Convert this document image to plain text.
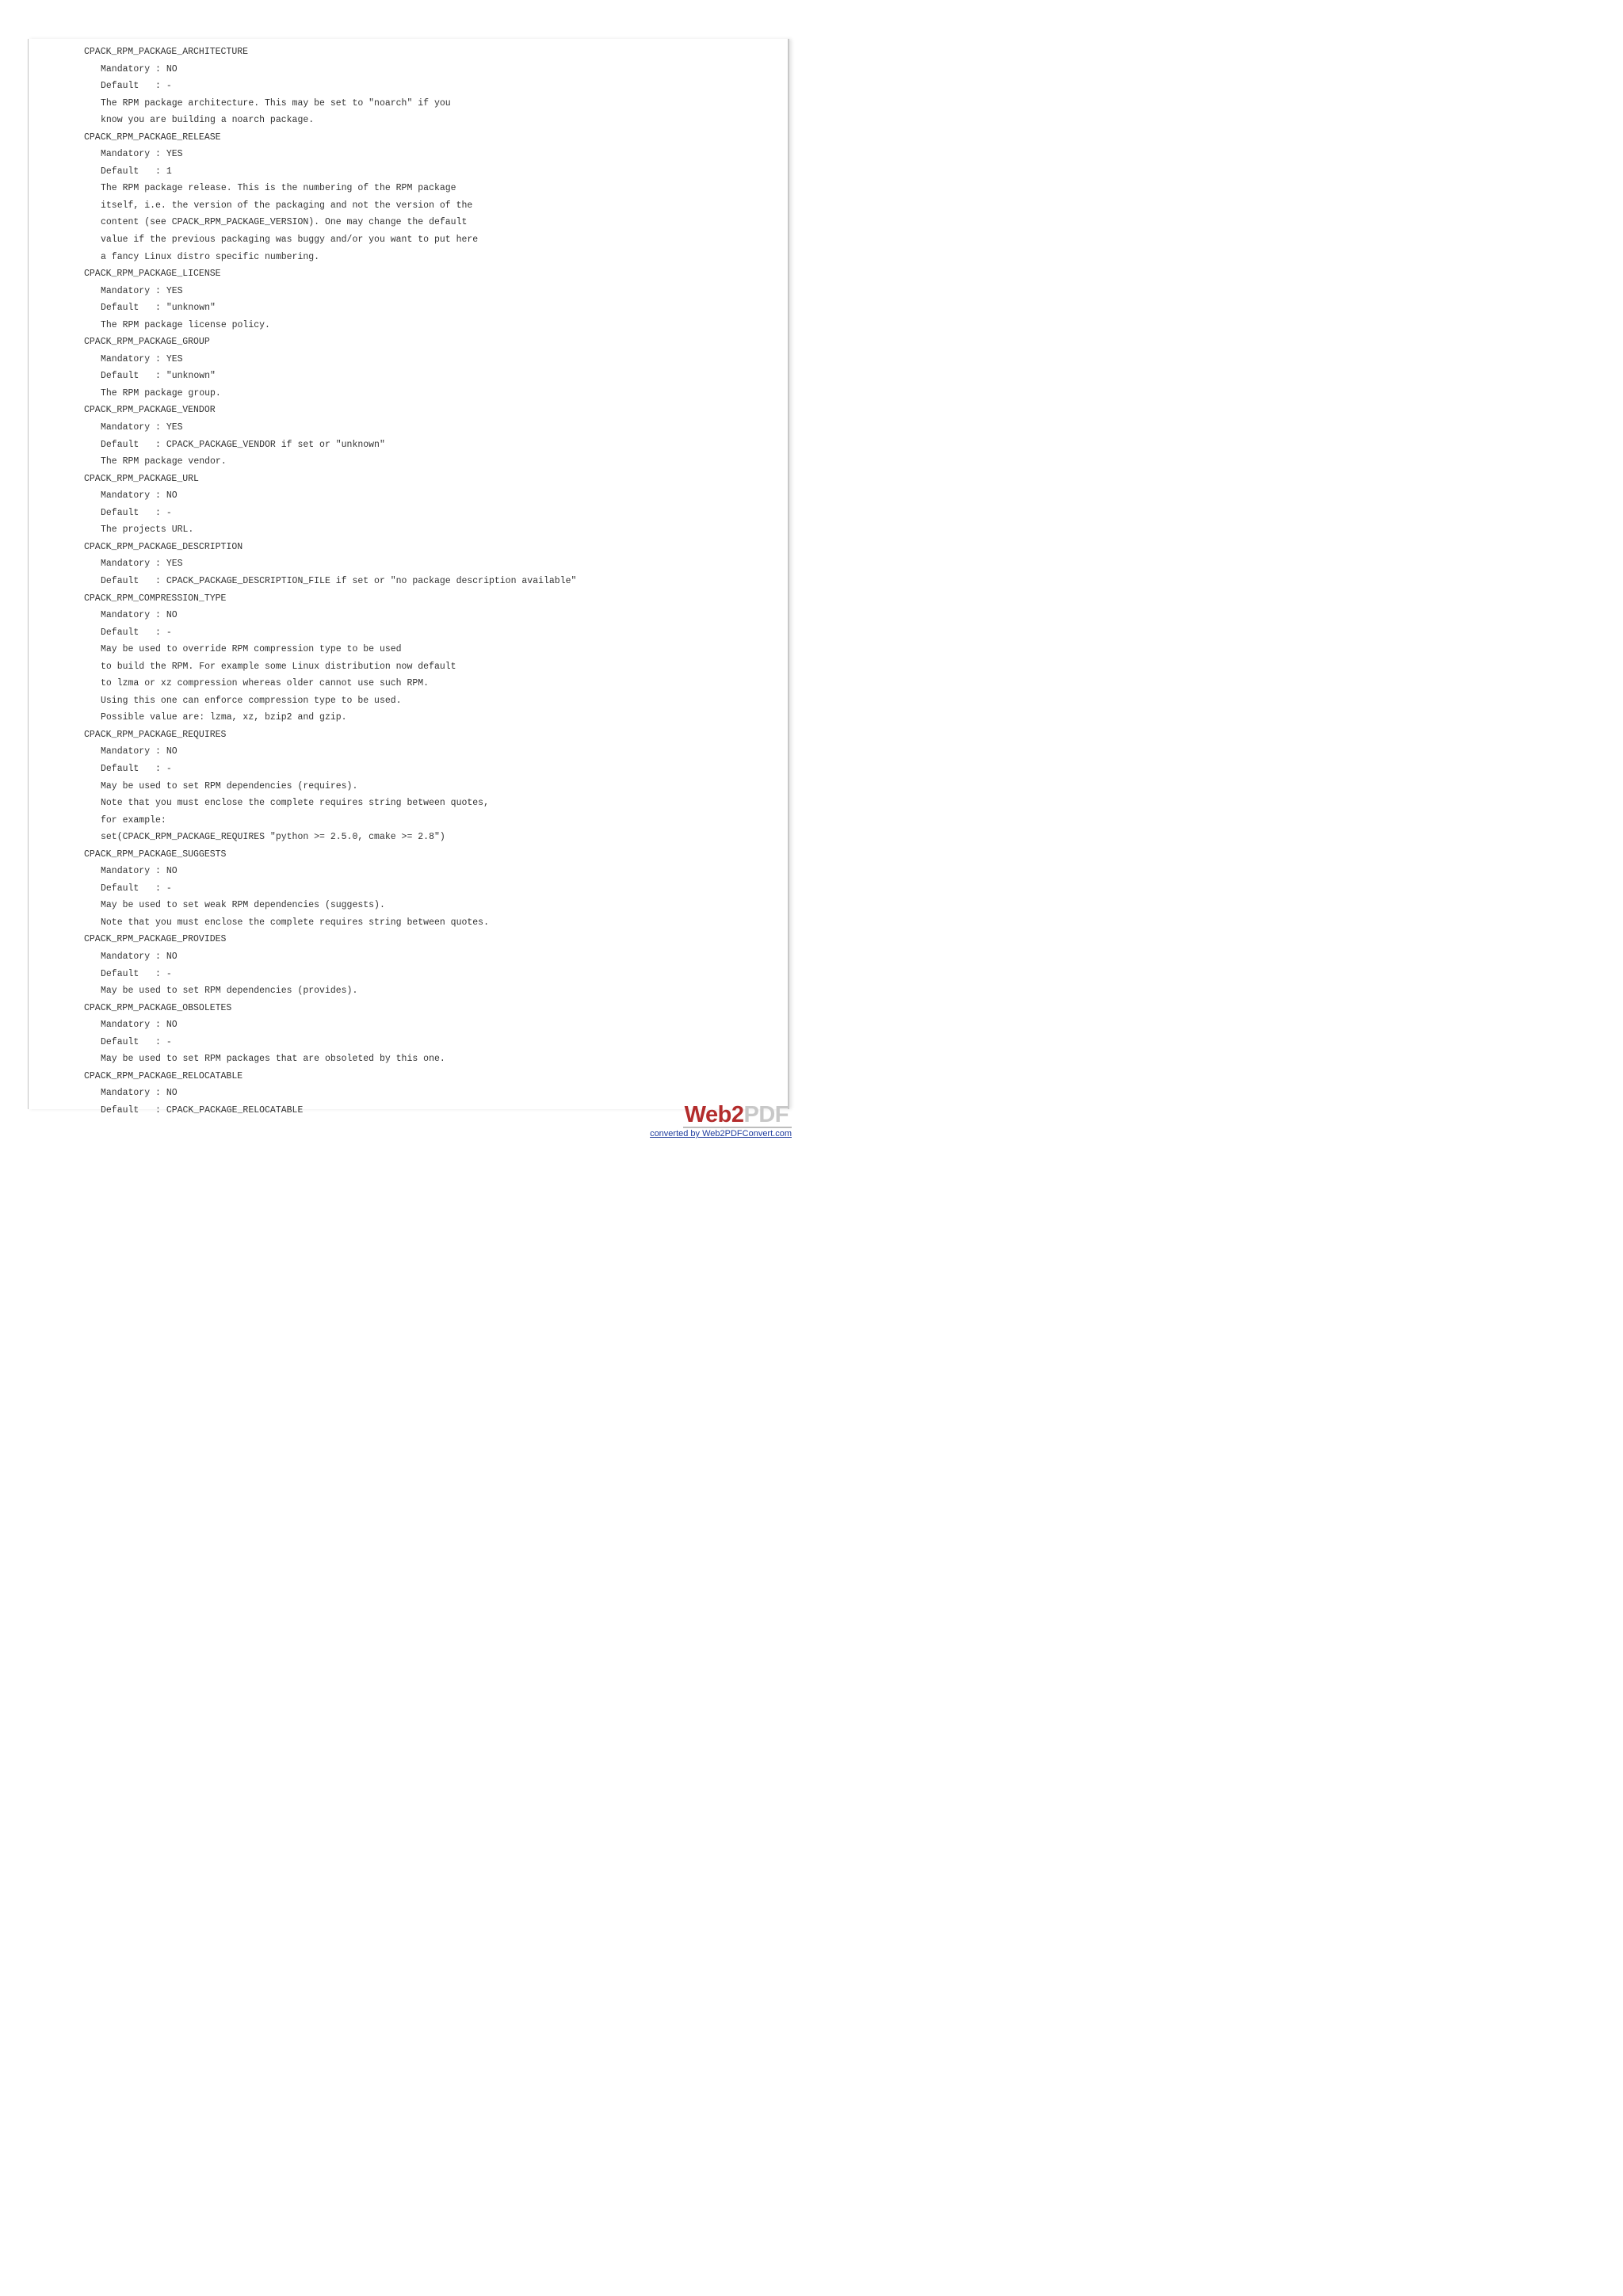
CPACK_RPM_PACKAGE_ARCHITECTURE
Mandatory : NO
Default   : -
The RPM package architecture. This may be set to "noarch" if you
know you are building a noarch package.
CPACK_RPM_PACKAGE_RELEASE
Mandatory : YES
Default   : 1
The RPM package release. This is the numbering of the RPM package
itself, i.e. the version of the packaging and not the version of the
content (see CPACK_RPM_PACKAGE_VERSION). One may change the default
value if the previous packaging was buggy and/or you want to put here
a fancy Linux distro specific numbering.
CPACK_RPM_PACKAGE_LICENSE
Mandatory : YES
Default   : "unknown"
The RPM package license policy.
CPACK_RPM_PACKAGE_GROUP
Mandatory : YES
Default   : "unknown"
The RPM package group.
CPACK_RPM_PACKAGE_VENDOR
Mandatory : YES
Default   : CPACK_PACKAGE_VENDOR if set or "unknown"
The RPM package vendor.
CPACK_RPM_PACKAGE_URL
Mandatory : NO
Default   : -
The projects URL.
CPACK_RPM_PACKAGE_DESCRIPTION
Mandatory : YES
Default   : CPACK_PACKAGE_DESCRIPTION_FILE if set or "no package description available"
CPACK_RPM_COMPRESSION_TYPE
Mandatory : NO
Default   : -
May be used to override RPM compression type to be used
to build the RPM. For example some Linux distribution now default
to lzma or xz compression whereas older cannot use such RPM.
Using this one can enforce compression type to be used.
Possible value are: lzma, xz, bzip2 and gzip.
CPACK_RPM_PACKAGE_REQUIRES
Mandatory : NO
Default   : -
May be used to set RPM dependencies (requires).
Note that you must enclose the complete requires string between quotes,
for example:
set(CPACK_RPM_PACKAGE_REQUIRES "python >= 2.5.0, cmake >= 2.8")
CPACK_RPM_PACKAGE_SUGGESTS
Mandatory : NO
Default   : -
May be used to set weak RPM dependencies (suggests).
Note that you must enclose the complete requires string between quotes.
CPACK_RPM_PACKAGE_PROVIDES
Mandatory : NO
Default   : -
May be used to set RPM dependencies (provides).
CPACK_RPM_PACKAGE_OBSOLETES
Mandatory : NO
Default   : -
May be used to set RPM packages that are obsoleted by this one.
CPACK_RPM_PACKAGE_RELOCATABLE
Mandatory : NO
Default   : CPACK_PACKAGE_RELOCATABLE	Web2PDF
converted by Web2PDFConvert.com
